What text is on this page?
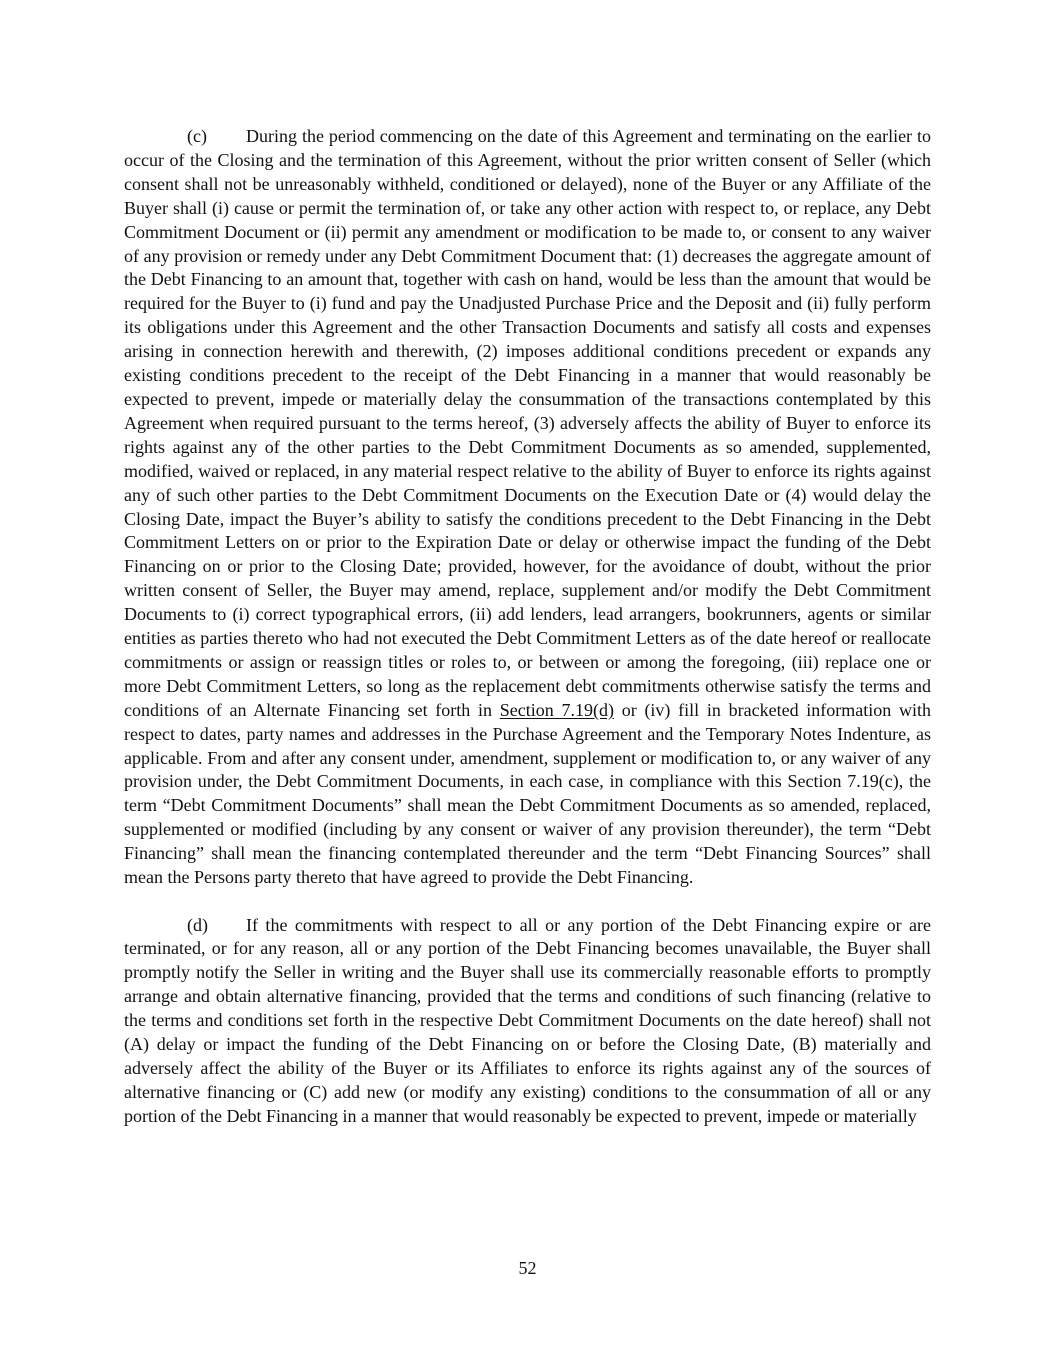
(c) During the period commencing on the date of this Agreement and terminating on the earlier to occur of the Closing and the termination of this Agreement, without the prior written consent of Seller (which consent shall not be unreasonably withheld, conditioned or delayed), none of the Buyer or any Affiliate of the Buyer shall (i) cause or permit the termination of, or take any other action with respect to, or replace, any Debt Commitment Document or (ii) permit any amendment or modification to be made to, or consent to any waiver of any provision or remedy under any Debt Commitment Document that: (1) decreases the aggregate amount of the Debt Financing to an amount that, together with cash on hand, would be less than the amount that would be required for the Buyer to (i) fund and pay the Unadjusted Purchase Price and the Deposit and (ii) fully perform its obligations under this Agreement and the other Transaction Documents and satisfy all costs and expenses arising in connection herewith and therewith, (2) imposes additional conditions precedent or expands any existing conditions precedent to the receipt of the Debt Financing in a manner that would reasonably be expected to prevent, impede or materially delay the consummation of the transactions contemplated by this Agreement when required pursuant to the terms hereof, (3) adversely affects the ability of Buyer to enforce its rights against any of the other parties to the Debt Commitment Documents as so amended, supplemented, modified, waived or replaced, in any material respect relative to the ability of Buyer to enforce its rights against any of such other parties to the Debt Commitment Documents on the Execution Date or (4) would delay the Closing Date, impact the Buyer’s ability to satisfy the conditions precedent to the Debt Financing in the Debt Commitment Letters on or prior to the Expiration Date or delay or otherwise impact the funding of the Debt Financing on or prior to the Closing Date; provided, however, for the avoidance of doubt, without the prior written consent of Seller, the Buyer may amend, replace, supplement and/or modify the Debt Commitment Documents to (i) correct typographical errors, (ii) add lenders, lead arrangers, bookrunners, agents or similar entities as parties thereto who had not executed the Debt Commitment Letters as of the date hereof or reallocate commitments or assign or reassign titles or roles to, or between or among the foregoing, (iii) replace one or more Debt Commitment Letters, so long as the replacement debt commitments otherwise satisfy the terms and conditions of an Alternate Financing set forth in Section 7.19(d) or (iv) fill in bracketed information with respect to dates, party names and addresses in the Purchase Agreement and the Temporary Notes Indenture, as applicable. From and after any consent under, amendment, supplement or modification to, or any waiver of any provision under, the Debt Commitment Documents, in each case, in compliance with this Section 7.19(c), the term “Debt Commitment Documents” shall mean the Debt Commitment Documents as so amended, replaced, supplemented or modified (including by any consent or waiver of any provision thereunder), the term “Debt Financing” shall mean the financing contemplated thereunder and the term “Debt Financing Sources” shall mean the Persons party thereto that have agreed to provide the Debt Financing.

(d) If the commitments with respect to all or any portion of the Debt Financing expire or are terminated, or for any reason, all or any portion of the Debt Financing becomes unavailable, the Buyer shall promptly notify the Seller in writing and the Buyer shall use its commercially reasonable efforts to promptly arrange and obtain alternative financing, provided that the terms and conditions of such financing (relative to the terms and conditions set forth in the respective Debt Commitment Documents on the date hereof) shall not (A) delay or impact the funding of the Debt Financing on or before the Closing Date, (B) materially and adversely affect the ability of the Buyer or its Affiliates to enforce its rights against any of the sources of alternative financing or (C) add new (or modify any existing) conditions to the consummation of all or any portion of the Debt Financing in a manner that would reasonably be expected to prevent, impede or materially

52
